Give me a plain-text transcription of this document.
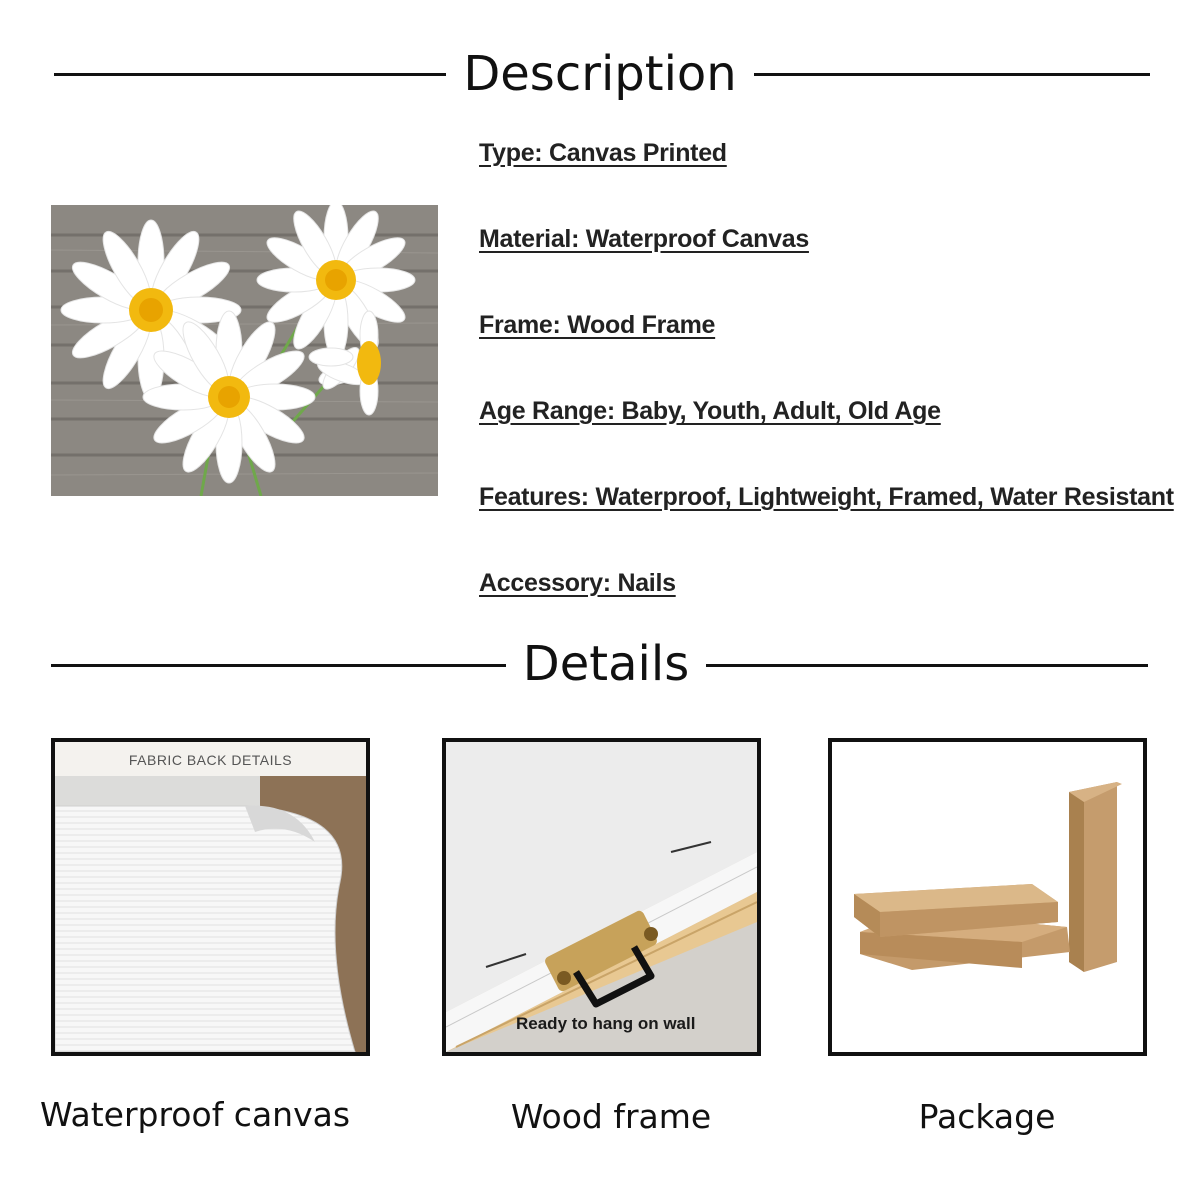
Description
Type: Canvas Printed
Material: Waterproof Canvas
Frame: Wood Frame
Age Range: Baby, Youth, Adult, Old Age
Features: Waterproof, Lightweight, Framed, Water Resistant
Accessory: Nails
Details
FABRIC BACK DETAILS
Ready to hang on wall
Waterproof canvas	Wood frame	Package
